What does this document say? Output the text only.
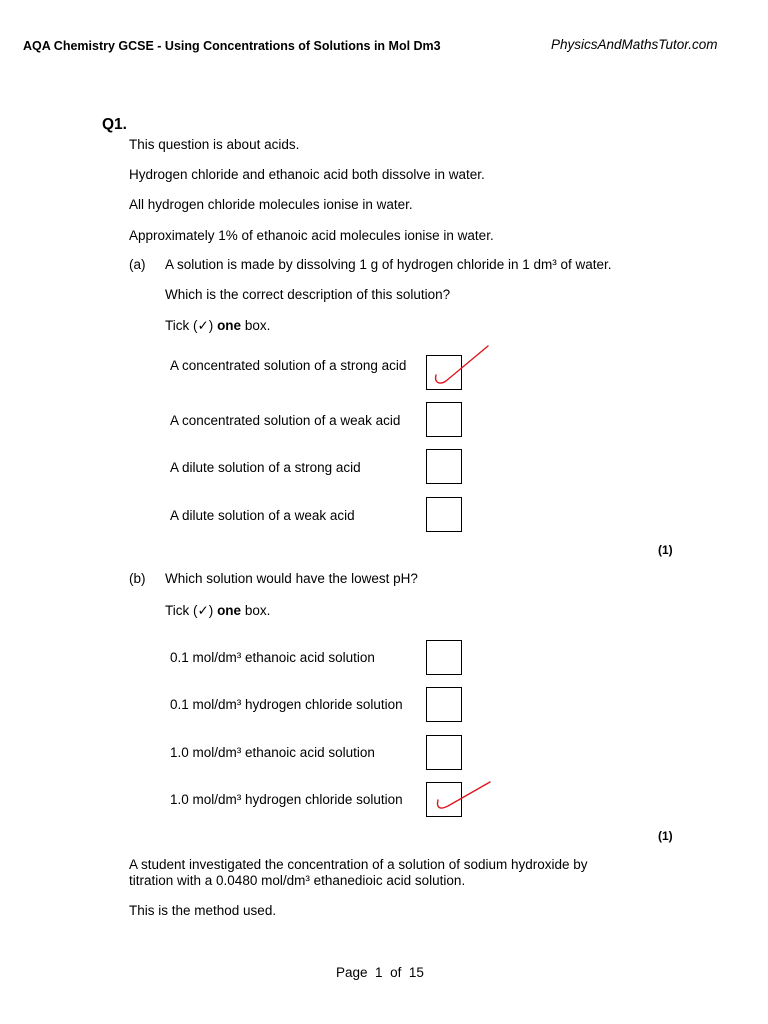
AQA Chemistry GCSE - Using Concentrations of Solutions in Mol Dm3	PhysicsAndMathsTutor.com
Q1.
This question is about acids.
Hydrogen chloride and ethanoic acid both dissolve in water.
All hydrogen chloride molecules ionise in water.
Approximately 1% of ethanoic acid molecules ionise in water.
(a) A solution is made by dissolving 1 g of hydrogen chloride in 1 dm³ of water.
Which is the correct description of this solution?
Tick (✓) one box.
A concentrated solution of a strong acid
A concentrated solution of a weak acid
A dilute solution of a strong acid
A dilute solution of a weak acid
(1)
(b) Which solution would have the lowest pH?
Tick (✓) one box.
0.1 mol/dm³ ethanoic acid solution
0.1 mol/dm³ hydrogen chloride solution
1.0 mol/dm³ ethanoic acid solution
1.0 mol/dm³ hydrogen chloride solution
(1)
A student investigated the concentration of a solution of sodium hydroxide by titration with a 0.0480 mol/dm³ ethanedioic acid solution.
This is the method used.
Page 1 of 15
